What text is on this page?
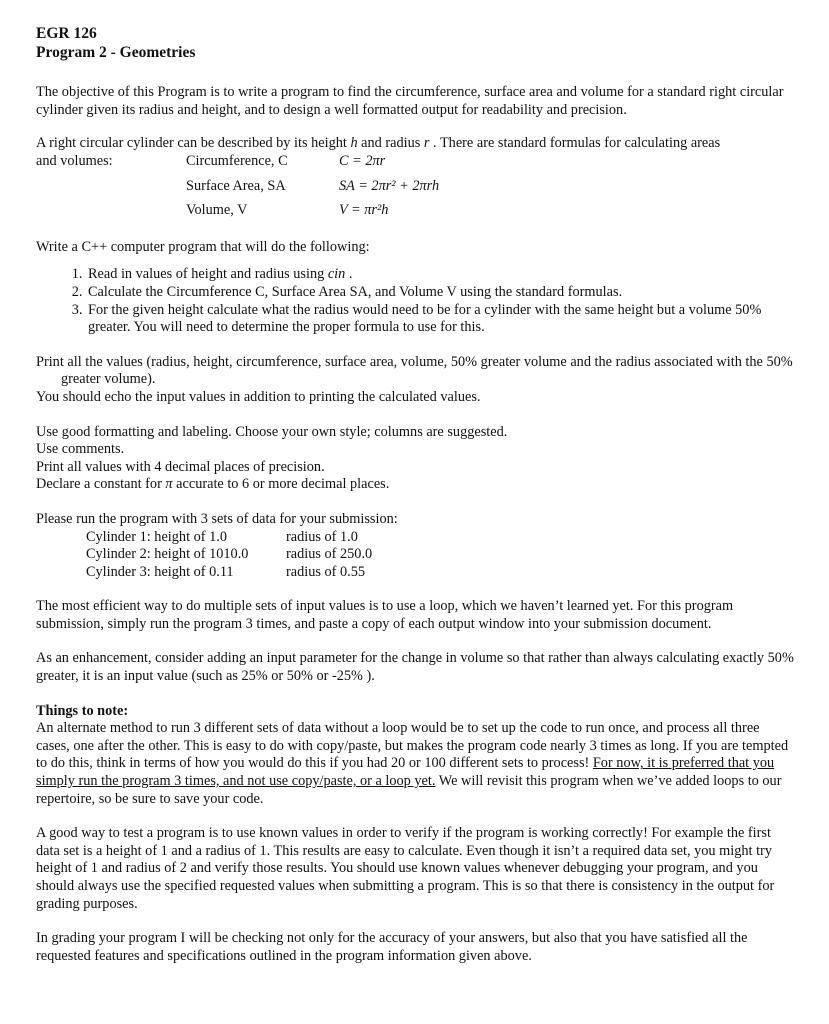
EGR 126
Program 2 - Geometries

The objective of this Program is to write a program to find the circumference, surface area and volume for a standard right circular cylinder given its radius and height, and to design a well formatted output for readability and precision.

A right circular cylinder can be described by its height h and radius r . There are standard formulas for calculating areas

and volumes:	Circumference, C	C = 2πr
Surface Area, SA	SA = 2πr² + 2πrh
Volume, V	V = πr²h

Write a C++ computer program that will do the following:

1. Read in values of height and radius using cin .
2. Calculate the Circumference C, Surface Area SA, and Volume V using the standard formulas.
3. For the given height calculate what the radius would need to be for a cylinder with the same height but a volume 50% greater. You will need to determine the proper formula to use for this.

Print all the values (radius, height, circumference, surface area, volume, 50% greater volume and the radius associated with the 50% greater volume).

You should echo the input values in addition to printing the calculated values.

Use good formatting and labeling. Choose your own style; columns are suggested.

Use comments.

Print all values with 4 decimal places of precision.

Declare a constant for π accurate to 6 or more decimal places.

Please run the program with 3 sets of data for your submission:

Cylinder 1: height of 1.0	radius of 1.0
Cylinder 2: height of 1010.0	radius of 250.0
Cylinder 3: height of 0.11	radius of 0.55

The most efficient way to do multiple sets of input values is to use a loop, which we haven’t learned yet. For this program submission, simply run the program 3 times, and paste a copy of each output window into your submission document.

As an enhancement, consider adding an input parameter for the change in volume so that rather than always calculating exactly 50% greater, it is an input value (such as 25% or 50% or -25% ).

Things to note:

An alternate method to run 3 different sets of data without a loop would be to set up the code to run once, and process all three cases, one after the other. This is easy to do with copy/paste, but makes the program code nearly 3 times as long. If you are tempted to do this, think in terms of how you would do this if you had 20 or 100 different sets to process! For now, it is preferred that you simply run the program 3 times, and not use copy/paste, or a loop yet. We will revisit this program when we’ve added loops to our repertoire, so be sure to save your code.

A good way to test a program is to use known values in order to verify if the program is working correctly! For example the first data set is a height of 1 and a radius of 1. This results are easy to calculate. Even though it isn’t a required data set, you might try height of 1 and radius of 2 and verify those results. You should use known values whenever debugging your program, and you should always use the specified requested values when submitting a program. This is so that there is consistency in the output for grading purposes.

In grading your program I will be checking not only for the accuracy of your answers, but also that you have satisfied all the requested features and specifications outlined in the program information given above.
